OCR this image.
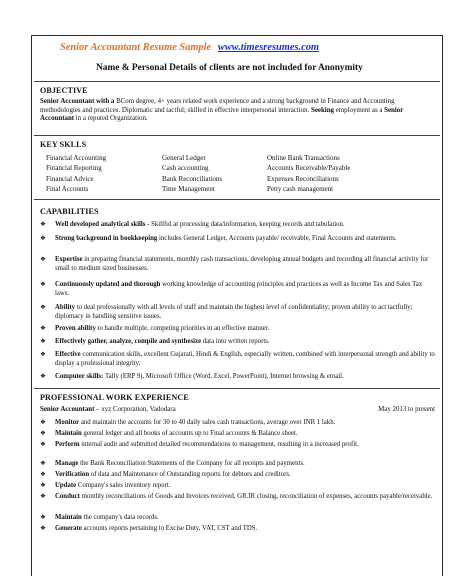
Senior Accountant Resume Sample www.timesresumes.com
Name & Personal Details of clients are not included for Anonymity
OBJECTIVE
Senior Accountant with a BCom degree, 4+ years related work experience and a strong background in Finance and Accounting methodologies and practices. Diplomatic and tactful; skilled in effective interpersonal interaction. Seeking employment as a Senior Accountant in a reputed Organization.
KEY SKLLS
Financial Accounting
Financial Reporting
Financial Advice
Final Accounts
General Ledger
Cash accounting
Bank Reconciliations
Time Management
Online Bank Transactions
Accounts Receivable/Payable
Expenses Reconciliations
Petty cash management
CAPABILITIES
❖ Well developed analytical skills - Skillful at processing data/information, keeping records and tabulation.
❖ Strong background in bookkeeping includes General Ledger, Accounts payable/ receivable, Final Accounts and statements.
❖ Expertise in preparing financial statements, monthly cash transactions, developing annual budgets and recording all financial activity for small to medium sized businesses.
❖ Continuously updated and thorough working knowledge of accounting principles and practices as well as Income Tax and Sales Tax laws.
❖ Ability to deal professionally with all levels of staff and maintain the highest level of confidentiality; proven ability to act tactfully; diplomacy in handling sensitive issues.
❖ Proven ability to handle multiple, competing priorities in an effective manner.
❖ Effectively gather, analyze, compile and synthesize data into written reports.
❖ Effective communication skills, excellent Gujarati, Hindi & English, especially written, combined with interpersonal strength and ability to display a professional integrity.
❖ Computer skills: Tally (ERP 9), Microsoft Office (Word, Excel, PowerPoint), Internet browsing & email.
PROFESSIONAL WORK EXPERIENCE
Senior Accountant – xyz Corporation, Vadodara	May 2013 to present
❖ Monitor and maintain the accounts for 30 to 40 daily sales cash transactions, average over INR 1 lakh.
❖ Maintain general ledger and all books of accounts up to Final accounts & Balance sheet.
❖ Perform internal audit and submitted detailed recommendations to management, resulting in a increased profit.
❖ Manage the Bank Reconciliation Statements of the Company for all receipts and payments.
❖ Verification of data and Maintenance of Outstanding reports for debtors and creditors.
❖ Update Company's sales inventory report.
❖ Conduct monthly reconciliations of Goods and Invoices received, GR.IR closing, reconciliation of expenses, accounts payable/receivable.
❖ Maintain the company's data records.
❖ Generate accounts reports pertaining to Excise Duty, VAT, CST and TDS.
